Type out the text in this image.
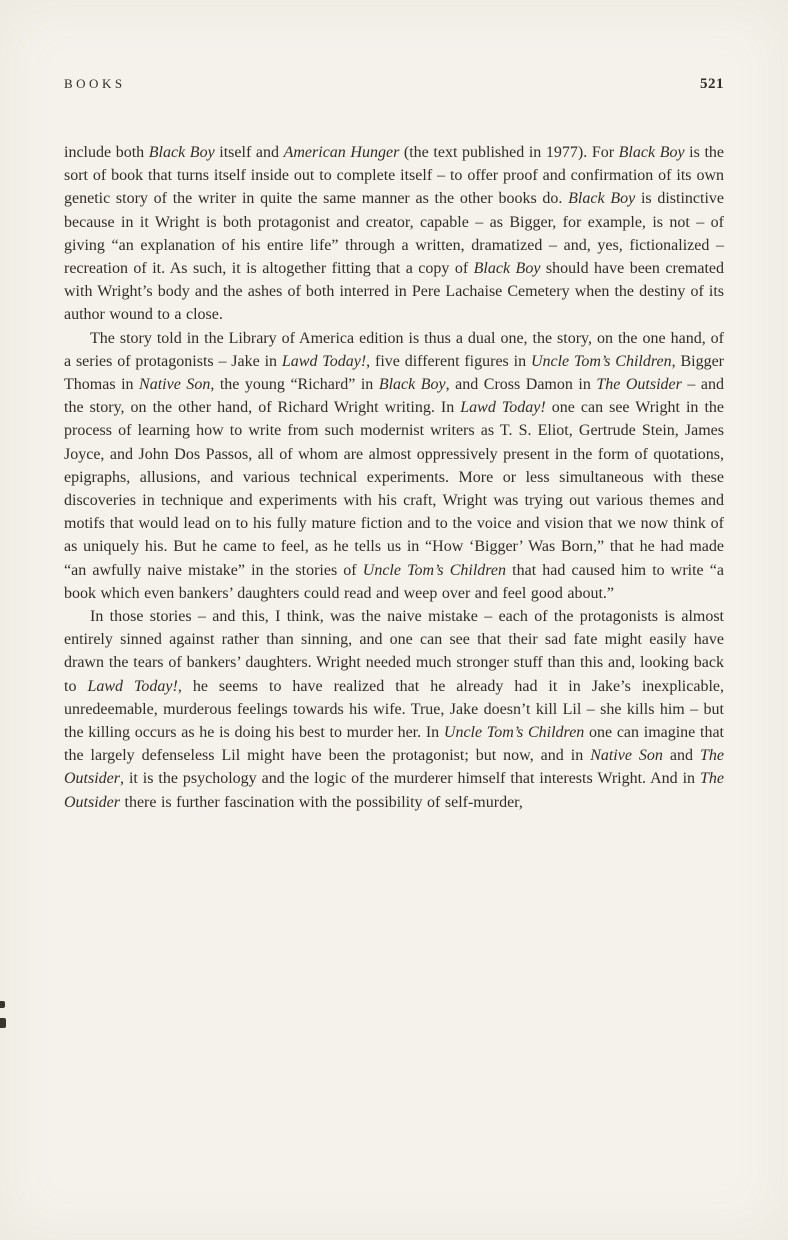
BOOKS	521

include both Black Boy itself and American Hunger (the text published in 1977). For Black Boy is the sort of book that turns itself inside out to complete itself – to offer proof and confirmation of its own genetic story of the writer in quite the same manner as the other books do. Black Boy is distinctive because in it Wright is both protagonist and creator, capable – as Bigger, for example, is not – of giving “an explanation of his entire life” through a written, dramatized – and, yes, fictionalized – recreation of it. As such, it is altogether fitting that a copy of Black Boy should have been cremated with Wright’s body and the ashes of both interred in Pere Lachaise Cemetery when the destiny of its author wound to a close.

The story told in the Library of America edition is thus a dual one, the story, on the one hand, of a series of protagonists – Jake in Lawd Today!, five different figures in Uncle Tom’s Children, Bigger Thomas in Native Son, the young “Richard” in Black Boy, and Cross Damon in The Outsider – and the story, on the other hand, of Richard Wright writing. In Lawd Today! one can see Wright in the process of learning how to write from such modernist writers as T. S. Eliot, Gertrude Stein, James Joyce, and John Dos Passos, all of whom are almost oppressively present in the form of quotations, epigraphs, allusions, and various technical experiments. More or less simultaneous with these discoveries in technique and experiments with his craft, Wright was trying out various themes and motifs that would lead on to his fully mature fiction and to the voice and vision that we now think of as uniquely his. But he came to feel, as he tells us in “How ‘Bigger’ Was Born,” that he had made “an awfully naive mistake” in the stories of Uncle Tom’s Children that had caused him to write “a book which even bankers’ daughters could read and weep over and feel good about.”

In those stories – and this, I think, was the naive mistake – each of the protagonists is almost entirely sinned against rather than sinning, and one can see that their sad fate might easily have drawn the tears of bankers’ daughters. Wright needed much stronger stuff than this and, looking back to Lawd Today!, he seems to have realized that he already had it in Jake’s inexplicable, unredeemable, murderous feelings towards his wife. True, Jake doesn’t kill Lil – she kills him – but the killing occurs as he is doing his best to murder her. In Uncle Tom’s Children one can imagine that the largely defenseless Lil might have been the protagonist; but now, and in Native Son and The Outsider, it is the psychology and the logic of the murderer himself that interests Wright. And in The Outsider there is further fascination with the possibility of self-murder,
